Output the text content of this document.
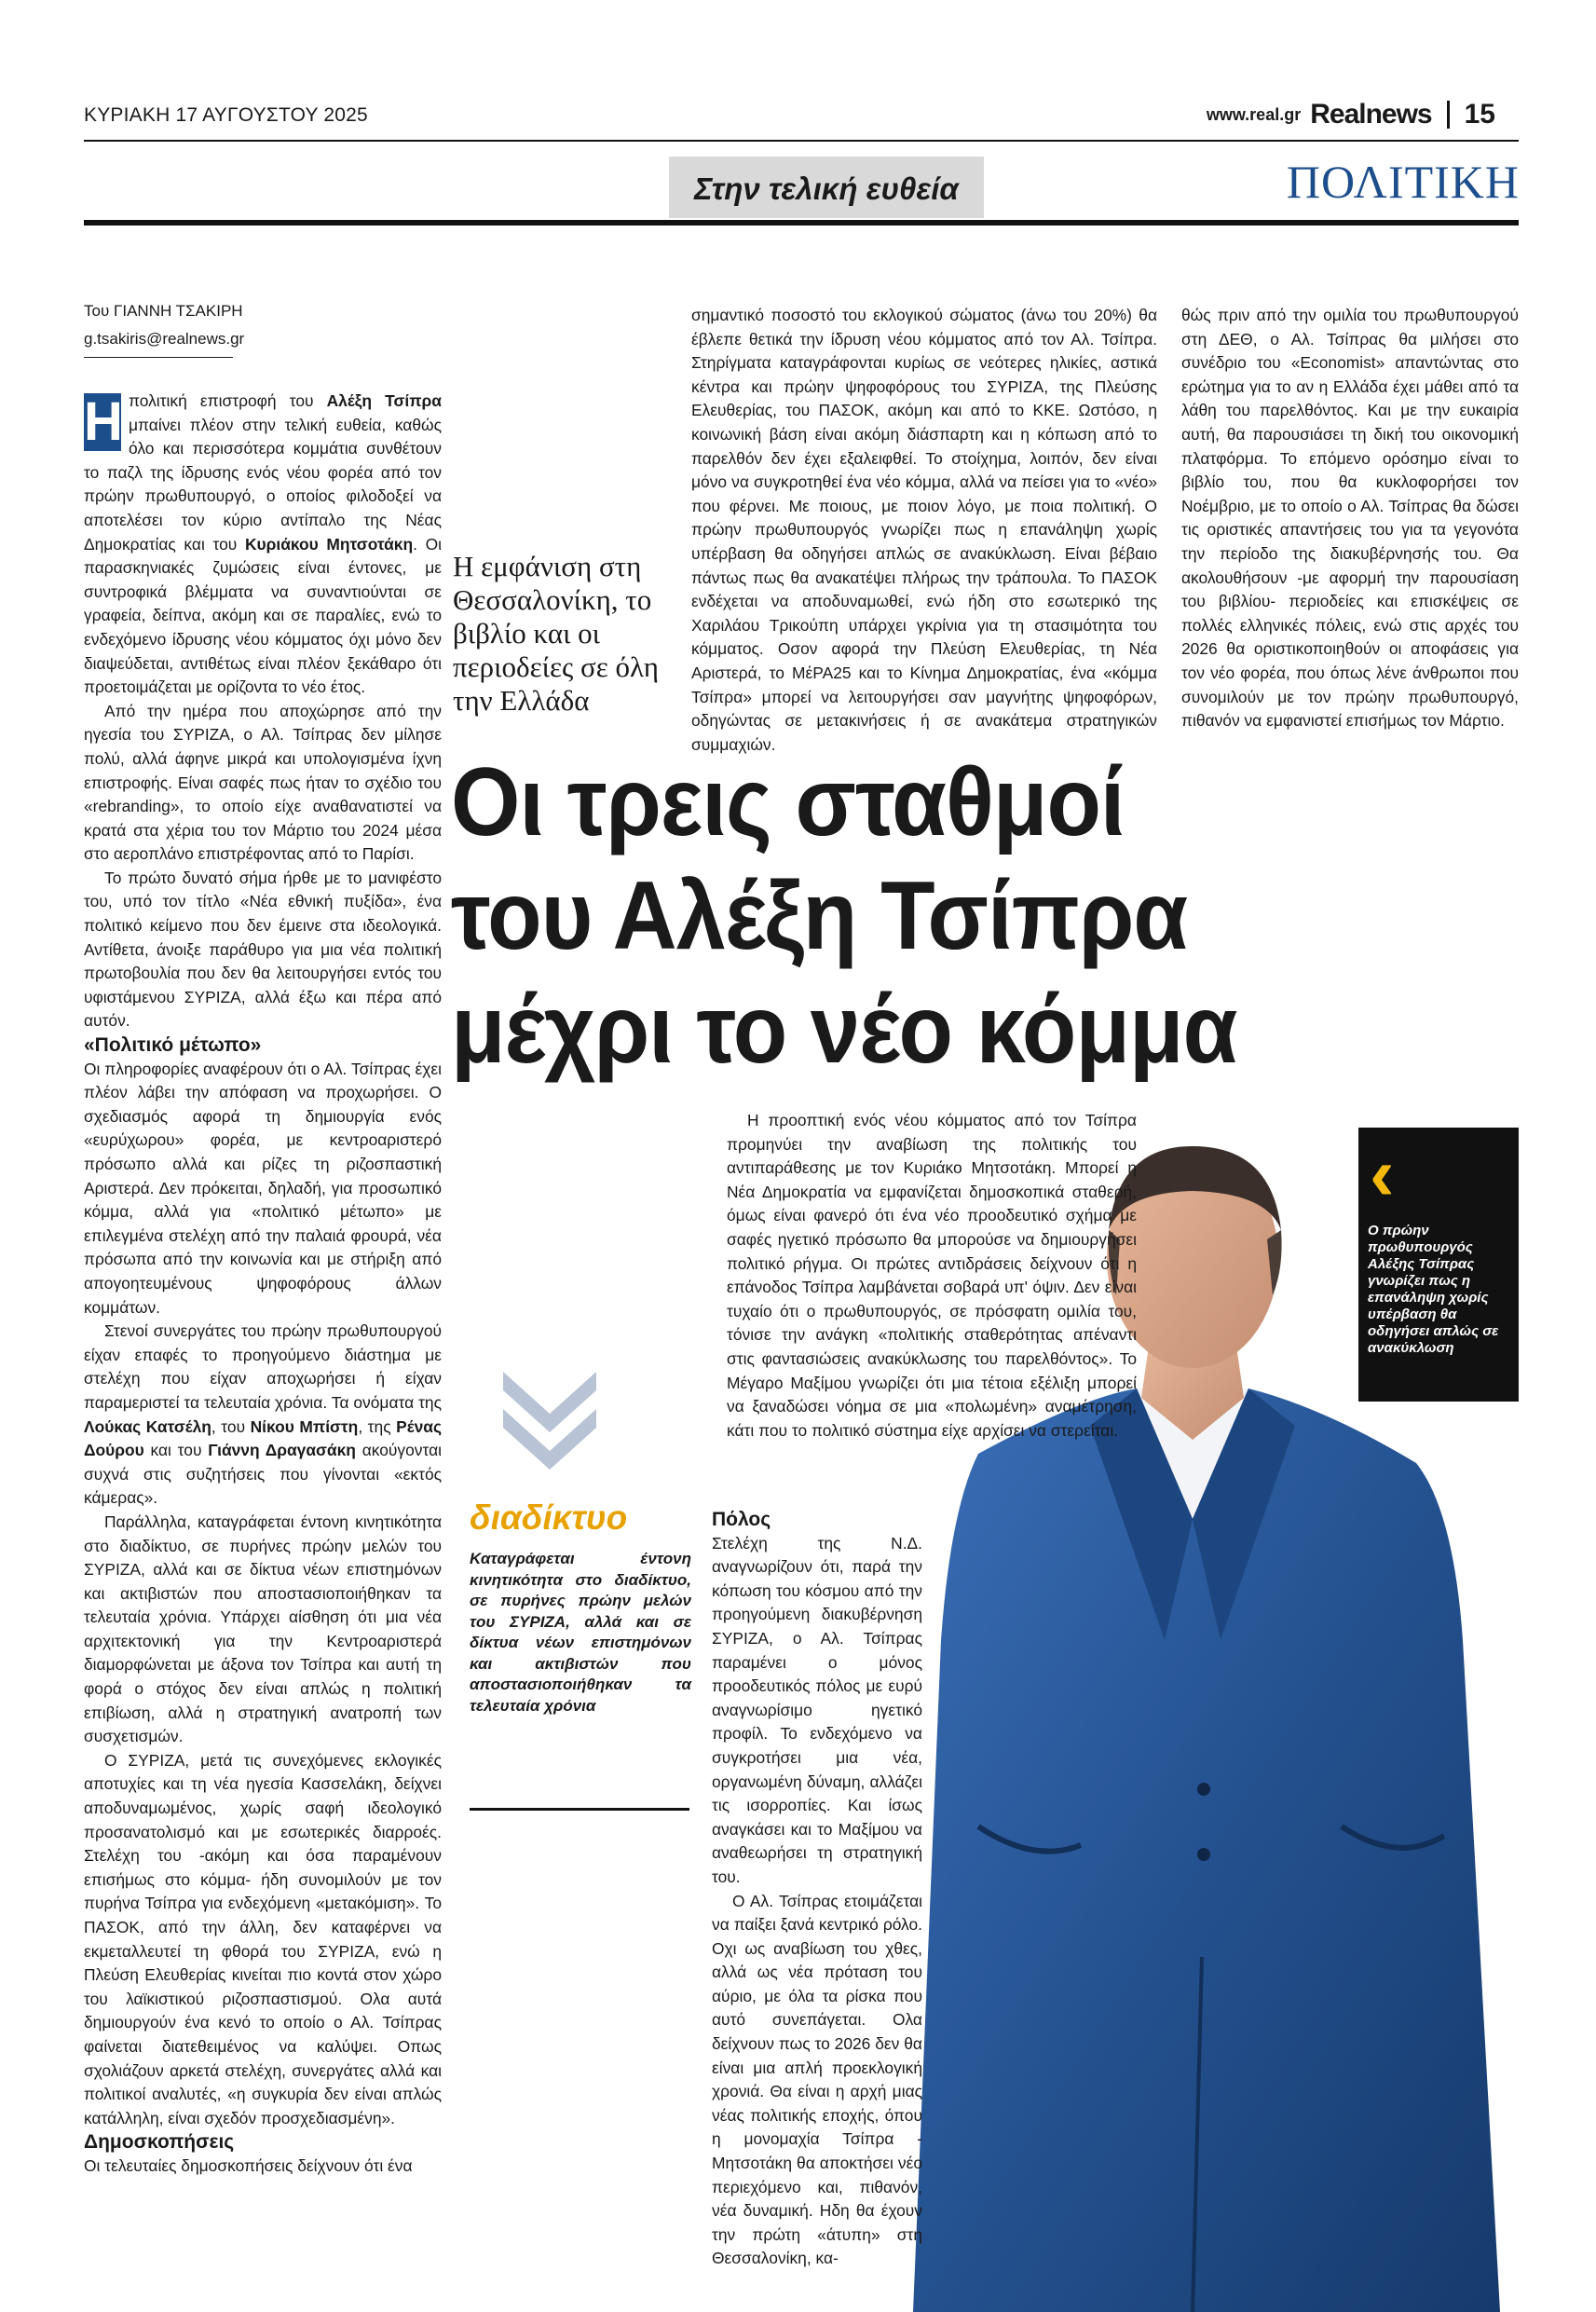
ΚΥΡΙΑΚΗ 17 ΑΥΓΟΥΣΤΟΥ 2025	www.real.gr Realnews 15
Στην τελική ευθεία	ΠΟΛΙΤΙΚΗ
Του ΓΙΑΝΝΗ ΤΣΑΚΙΡΗ
g.tsakiris@realnews.gr

Η πολιτική επιστροφή του Αλέξη Τσίπρα μπαίνει πλέον στην τελική ευθεία, καθώς όλο και περισσότερα κομμάτια συνθέτουν το παζλ της ίδρυσης ενός νέου φορέα από τον πρώην πρωθυπουργό, ο οποίος φιλοδοξεί να αποτελέσει τον κύριο αντίπαλο της Νέας Δημοκρατίας και του Κυριάκου Μητσοτάκη. Οι παρασκηνιακές ζυμώσεις είναι έντονες, με συντροφικά βλέμματα να συναντιούνται σε γραφεία, δείπνα, ακόμη και σε παραλίες, ενώ το ενδεχόμενο ίδρυσης νέου κόμματος όχι μόνο δεν διαψεύδεται, αντιθέτως είναι πλέον ξεκάθαρο ότι προετοιμάζεται με ορίζοντα το νέο έτος.

Από την ημέρα που αποχώρησε από την ηγεσία του ΣΥΡΙΖΑ, ο Αλ. Τσίπρας δεν μίλησε πολύ, αλλά άφηνε μικρά και υπολογισμένα ίχνη επιστροφής. Είναι σαφές πως ήταν το σχέδιο του «rebranding», το οποίο είχε αναθανατιστεί να κρατά στα χέρια του τον Μάρτιο του 2024 μέσα στο αεροπλάνο επιστρέφοντας από το Παρίσι.

Το πρώτο δυνατό σήμα ήρθε με το μανιφέστο του, υπό τον τίτλο «Νέα εθνική πυξίδα», ένα πολιτικό κείμενο που δεν έμεινε στα ιδεολογικά. Αντίθετα, άνοιξε παράθυρο για μια νέα πολιτική πρωτοβουλία που δεν θα λειτουργήσει εντός του υφιστάμενου ΣΥΡΙΖΑ, αλλά έξω και πέρα από αυτόν.

«Πολιτικό μέτωπο»

Οι πληροφορίες αναφέρουν ότι ο Αλ. Τσίπρας έχει πλέον λάβει την απόφαση να προχωρήσει. Ο σχεδιασμός αφορά τη δημιουργία ενός «ευρύχωρου» φορέα, με κεντροαριστερό πρόσωπο αλλά και ρίζες τη ριζοσπαστική Αριστερά. Δεν πρόκειται, δηλαδή, για προσωπικό κόμμα, αλλά για «πολιτικό μέτωπο» με επιλεγμένα στελέχη από την παλαιά φρουρά, νέα πρόσωπα από την κοινωνία και με στήριξη από απογοητευμένους ψηφοφόρους άλλων κομμάτων.

Στενοί συνεργάτες του πρώην πρωθυπουργού είχαν επαφές το προηγούμενο διάστημα με στελέχη που είχαν αποχωρήσει ή είχαν παραμεριστεί τα τελευταία χρόνια. Τα ονόματα της Λούκας Κατσέλη, του Νίκου Μπίστη, της Ρένας Δούρου και του Γιάννη Δραγασάκη ακούγονται συχνά στις συζητήσεις που γίνονται «εκτός κάμερας».

Παράλληλα, καταγράφεται έντονη κινητικότητα στο διαδίκτυο, σε πυρήνες πρώην μελών του ΣΥΡΙΖΑ, αλλά και σε δίκτυα νέων επιστημόνων και ακτιβιστών που αποστασιοποιήθηκαν τα τελευταία χρόνια. Υπάρχει αίσθηση ότι μια νέα αρχιτεκτονική για την Κεντροαριστερά διαμορφώνεται με άξονα τον Τσίπρα και αυτή τη φορά ο στόχος δεν είναι απλώς η πολιτική επιβίωση, αλλά η στρατηγική ανατροπή των συσχετισμών.

Ο ΣΥΡΙΖΑ, μετά τις συνεχόμενες εκλογικές αποτυχίες και τη νέα ηγεσία Κασσελάκη, δείχνει αποδυναμωμένος, χωρίς σαφή ιδεολογικό προσανατολισμό και με εσωτερικές διαρροές. Στελέχη του -ακόμη και όσα παραμένουν επισήμως στο κόμμα- ήδη συνομιλούν με τον πυρήνα Τσίπρα για ενδεχόμενη «μετακόμιση». Το ΠΑΣΟΚ, από την άλλη, δεν καταφέρνει να εκμεταλλευτεί τη φθορά του ΣΥΡΙΖΑ, ενώ η Πλεύση Ελευθερίας κινείται πιο κοντά στον χώρο του λαϊκιστικού ριζοσπαστισμού. Ολα αυτά δημιουργούν ένα κενό το οποίο ο Αλ. Τσίπρας φαίνεται διατεθειμένος να καλύψει. Οπως σχολιάζουν αρκετά στελέχη, συνεργάτες αλλά και πολιτικοί αναλυτές, «η συγκυρία δεν είναι απλώς κατάλληλη, είναι σχεδόν προσχεδιασμένη».

Δημοσκοπήσεις

Οι τελευταίες δημοσκοπήσεις δείχνουν ότι ένα

Η εμφάνιση στη Θεσσαλονίκη, το βιβλίο και οι περιοδείες σε όλη την Ελλάδα

σημαντικό ποσοστό του εκλογικού σώματος (άνω του 20%) θα έβλεπε θετικά την ίδρυση νέου κόμματος από τον Αλ. Τσίπρα. Στηρίγματα καταγράφονται κυρίως σε νεότερες ηλικίες, αστικά κέντρα και πρώην ψηφοφόρους του ΣΥΡΙΖΑ, της Πλεύσης Ελευθερίας, του ΠΑΣΟΚ, ακόμη και από το ΚΚΕ. Ωστόσο, η κοινωνική βάση είναι ακόμη διάσπαρτη και η κόπωση από το παρελθόν δεν έχει εξαλειφθεί. Το στοίχημα, λοιπόν, δεν είναι μόνο να συγκροτηθεί ένα νέο κόμμα, αλλά να πείσει για το «νέο» που φέρνει. Με ποιους, με ποιον λόγο, με ποια πολιτική. Ο πρώην πρωθυπουργός γνωρίζει πως η επανάληψη χωρίς υπέρβαση θα οδηγήσει απλώς σε ανακύκλωση. Είναι βέβαιο πάντως πως θα ανακατέψει πλήρως την τράπουλα. Το ΠΑΣΟΚ ενδέχεται να αποδυναμωθεί, ενώ ήδη στο εσωτερικό της Χαριλάου Τρικούπη υπάρχει γκρίνια για τη στασιμότητα του κόμματος. Οσον αφορά την Πλεύση Ελευθερίας, τη Νέα Αριστερά, το ΜέΡΑ25 και το Κίνημα Δημοκρατίας, ένα «κόμμα Τσίπρα» μπορεί να λειτουργήσει σαν μαγνήτης ψηφοφόρων, οδηγώντας σε μετακινήσεις ή σε ανακάτεμα στρατηγικών συμμαχιών.

θώς πριν από την ομιλία του πρωθυπουργού στη ΔΕΘ, ο Αλ. Τσίπρας θα μιλήσει στο συνέδριο του «Economist» απαντώντας στο ερώτημα για το αν η Ελλάδα έχει μάθει από τα λάθη του παρελθόντος. Και με την ευκαιρία αυτή, θα παρουσιάσει τη δική του οικονομική πλατφόρμα. Το επόμενο ορόσημο είναι το βιβλίο του, που θα κυκλοφορήσει τον Νοέμβριο, με το οποίο ο Αλ. Τσίπρας θα δώσει τις οριστικές απαντήσεις του για τα γεγονότα την περίοδο της διακυβέρνησής του. Θα ακολουθήσουν -με αφορμή την παρουσίαση του βιβλίου- περιοδείες και επισκέψεις σε πολλές ελληνικές πόλεις, ενώ στις αρχές του 2026 θα οριστικοποιηθούν οι αποφάσεις για τον νέο φορέα, που όπως λένε άνθρωποι που συνομιλούν με τον πρώην πρωθυπουργό, πιθανόν να εμφανιστεί επισήμως τον Μάρτιο.

Οι τρεις σταθμοί
του Αλέξη Τσίπρα
μέχρι το νέο κόμμα
‹
Ο πρώην πρωθυπουργός Αλέξης Τσίπρας γνωρίζει πως η επανάληψη χωρίς υπέρβαση θα οδηγήσει απλώς σε ανακύκλωση

Η προοπτική ενός νέου κόμματος από τον Τσίπρα προμηνύει την αναβίωση της πολιτικής του αντιπαράθεσης με τον Κυριάκο Μητσοτάκη. Μπορεί η Νέα Δημοκρατία να εμφανίζεται δημοσκοπικά σταθερή, όμως είναι φανερό ότι ένα νέο προοδευτικό σχήμα με σαφές ηγετικό πρόσωπο θα μπορούσε να δημιουργήσει πολιτικό ρήγμα. Οι πρώτες αντιδράσεις δείχνουν ότι η επάνοδος Τσίπρα λαμβάνεται σοβαρά υπ' όψιν. Δεν είναι τυχαίο ότι ο πρωθυπουργός, σε πρόσφατη ομιλία του, τόνισε την ανάγκη «πολιτικής σταθερότητας απέναντι στις φαντασιώσεις ανακύκλωσης του παρελθόντος». Το Μέγαρο Μαξίμου γνωρίζει ότι μια τέτοια εξέλιξη μπορεί να ξαναδώσει νόημα σε μια «πολωμένη» αναμέτρηση, κάτι που το πολιτικό σύστημα είχε αρχίσει να στερείται.

Πόλος

Στελέχη της Ν.Δ. αναγνωρίζουν ότι, παρά την κόπωση του κόσμου από την προηγούμενη διακυβέρνηση ΣΥΡΙΖΑ, ο Αλ. Τσίπρας παραμένει ο μόνος προοδευτικός πόλος με ευρύ αναγνωρίσιμο ηγετικό προφίλ. Το ενδεχόμενο να συγκροτήσει μια νέα, οργανωμένη δύναμη, αλλάζει τις ισορροπίες. Και ίσως αναγκάσει και το Μαξίμου να αναθεωρήσει τη στρατηγική του.

Ο Αλ. Τσίπρας ετοιμάζεται να παίξει ξανά κεντρικό ρόλο. Οχι ως αναβίωση του χθες, αλλά ως νέα πρόταση του αύριο, με όλα τα ρίσκα που αυτό συνεπάγεται. Ολα δείχνουν πως το 2026 δεν θα είναι μια απλή προεκλογική χρονιά. Θα είναι η αρχή μιας νέας πολιτικής εποχής, όπου η μονομαχία Τσίπρα - Μητσοτάκη θα αποκτήσει νέο περιεχόμενο και, πιθανόν, νέα δυναμική. Ηδη θα έχουν την πρώτη «άτυπη» στη Θεσσαλονίκη, κα-

διαδίκτυο
Καταγράφεται έντονη κινητικότητα στο διαδίκτυο, σε πυρήνες πρώην μελών του ΣΥΡΙΖΑ, αλλά και σε δίκτυα νέων επιστημόνων και ακτιβιστών που αποστασιοποιήθηκαν τα τελευταία χρόνια
